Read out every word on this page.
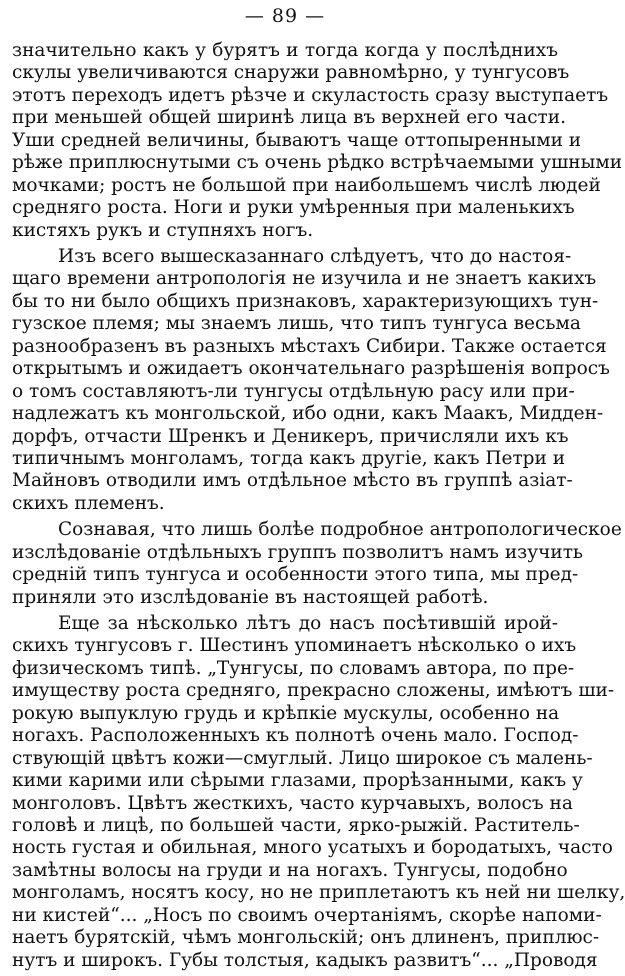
— 89 —
значительно какъ у бурятъ и тогда когда у послѣднихъ
скулы увеличиваются снаружи равномѣрно, у тунгусовъ
этотъ переходъ идетъ рѣзче и скуластость сразу выступаетъ
при меньшей общей ширинѣ лица въ верхней его части.
Уши средней величины, бываютъ чаще оттопыренными и
рѣже приплюснутыми съ очень рѣдко встрѣчаемыми ушными
мочками; ростъ не большой при наибольшемъ числѣ людей
средняго роста. Ноги и руки умѣренныя при маленькихъ
кистяхъ рукъ и ступняхъ ногъ.
Изъ всего вышесказаннаго слѣдуетъ, что до настоя-
щаго времени антропологія не изучила и не знаетъ какихъ
бы то ни было общихъ признаковъ, характеризующихъ тун-
гузское племя; мы знаемъ лишь, что типъ тунгуса весьма
разнообразенъ въ разныхъ мѣстахъ Сибири. Также остается
открытымъ и ожидаетъ окончательнаго разрѣшенія вопросъ
о томъ составляютъ-ли тунгусы отдѣльную расу или при-
надлежатъ къ монгольской, ибо одни, какъ Маакъ, Мидден-
дорфъ, отчасти Шренкъ и Деникеръ, причисляли ихъ къ
типичнымъ монголамъ, тогда какъ другіе, какъ Петри и
Майновъ отводили имъ отдѣльное мѣсто въ группѣ азіат-
скихъ племенъ.
Сознавая, что лишь болѣе подробное антропологическое
изслѣдованіе отдѣльныхъ группъ позволитъ намъ изучить
средній типъ тунгуса и особенности этого типа, мы пред-
приняли это изслѣдованіе въ настоящей работѣ.
Еще за нѣсколько лѣтъ до насъ посѣтившій ирой-
скихъ тунгусовъ г. Шестинъ упоминаетъ нѣсколько о ихъ
физическомъ типѣ. „Тунгусы, по словамъ автора, по пре-
имуществу роста средняго, прекрасно сложены, имѣютъ ши-
рокую выпуклую грудь и крѣпкіе мускулы, особенно на
ногахъ. Расположенныхъ къ полнотѣ очень мало. Господ-
ствующій цвѣтъ кожи—смуглый. Лицо широкое съ малень-
кими карими или сѣрыми глазами, прорѣзанными, какъ у
монголовъ. Цвѣтъ жесткихъ, часто курчавыхъ, волосъ на
головѣ и лицѣ, по большей части, ярко-рыжій. Раститель-
ность густая и обильная, много усатыхъ и бородатыхъ, часто
замѣтны волосы на груди и на ногахъ. Тунгусы, подобно
монголамъ, носятъ косу, но не приплетаютъ къ ней ни шелку,
ни кистей“... „Носъ по своимъ очертаніямъ, скорѣе напоми-
наетъ бурятскій, чѣмъ монгольскій; онъ длиненъ, приплюс-
нутъ и широкъ. Губы толстыя, кадыкъ развитъ“... „Проводя
